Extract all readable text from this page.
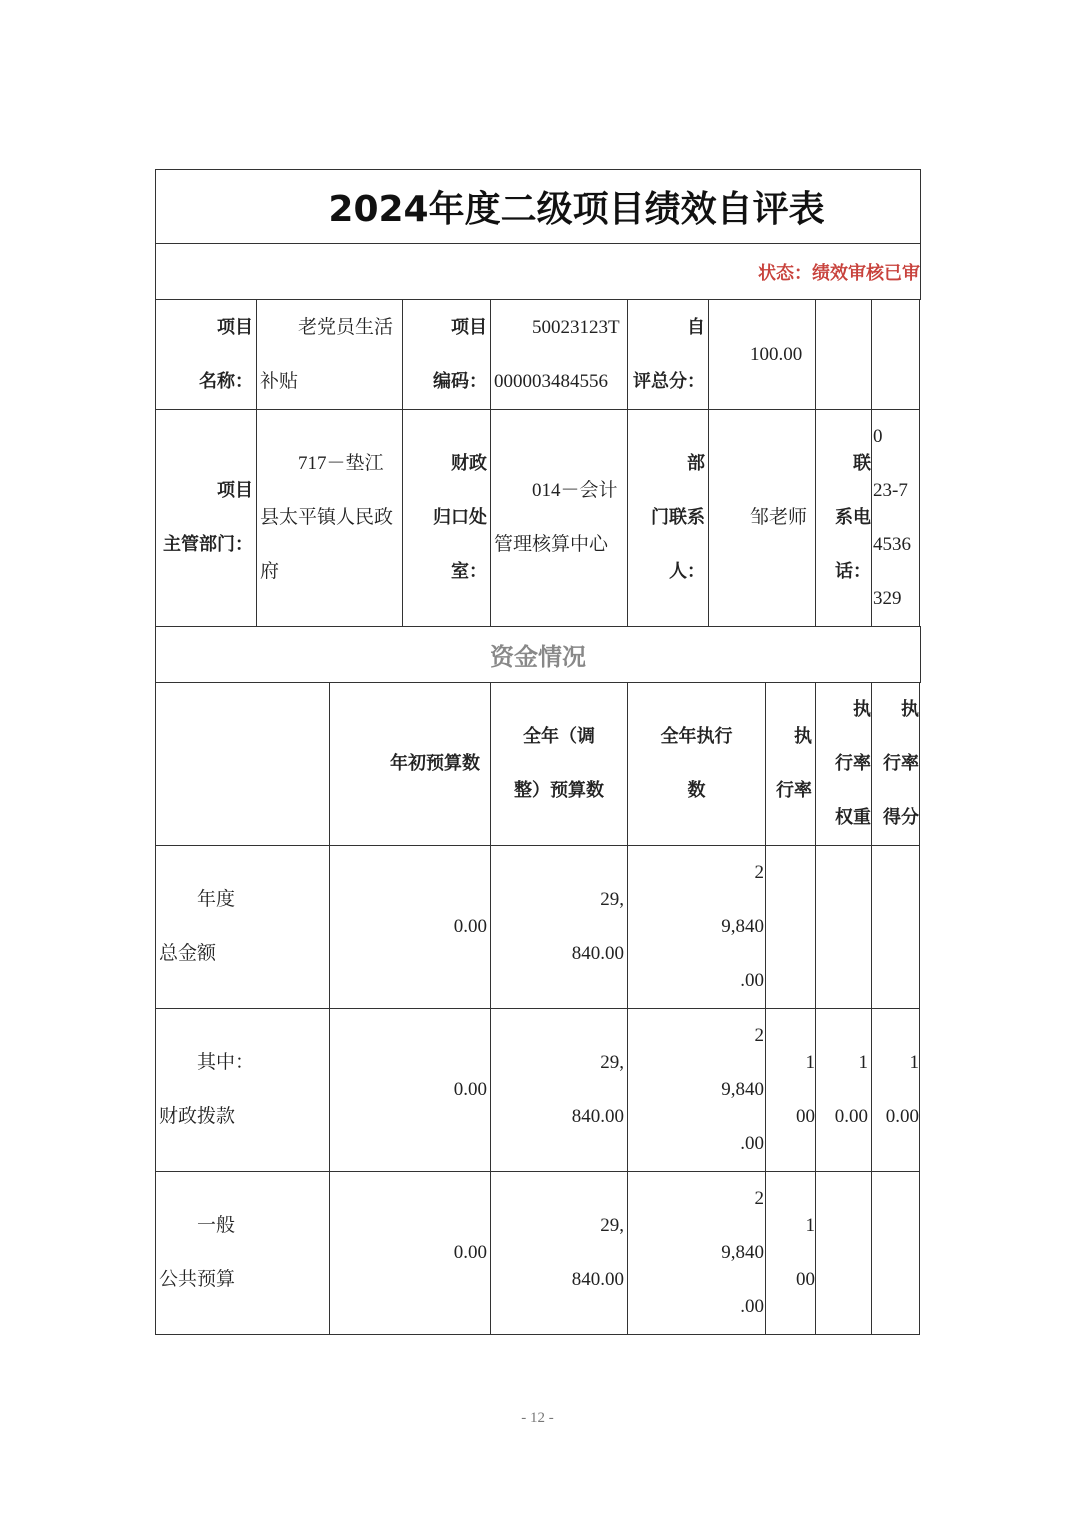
2024年度二级项目绩效自评表
状态：绩效审核已审
项目
名称：
老党员生活
补贴
项目
编码：
50023123T
000003484556
自
评总分：
100.00
项目
主管部门：
717－垫江
县太平镇人民政
府
财政
归口处
室：
014－会计
管理核算中心
部
门联系
人：
邹老师
联
系电
话：
0
23-7
4536
329
资金情况
年初预算数
全年（调
整）预算数
全年执行
数
执
行率
执
行率
权重
执
行率
得分
年度
总金额
0.00
29,
840.00
2
9,840
.00
其中：
财政拨款
0.00
29,
840.00
2
9,840
.00
1
00
1
0.00
1
0.00
一般
公共预算
0.00
29,
840.00
2
9,840
.00
1
00
- 12 -
